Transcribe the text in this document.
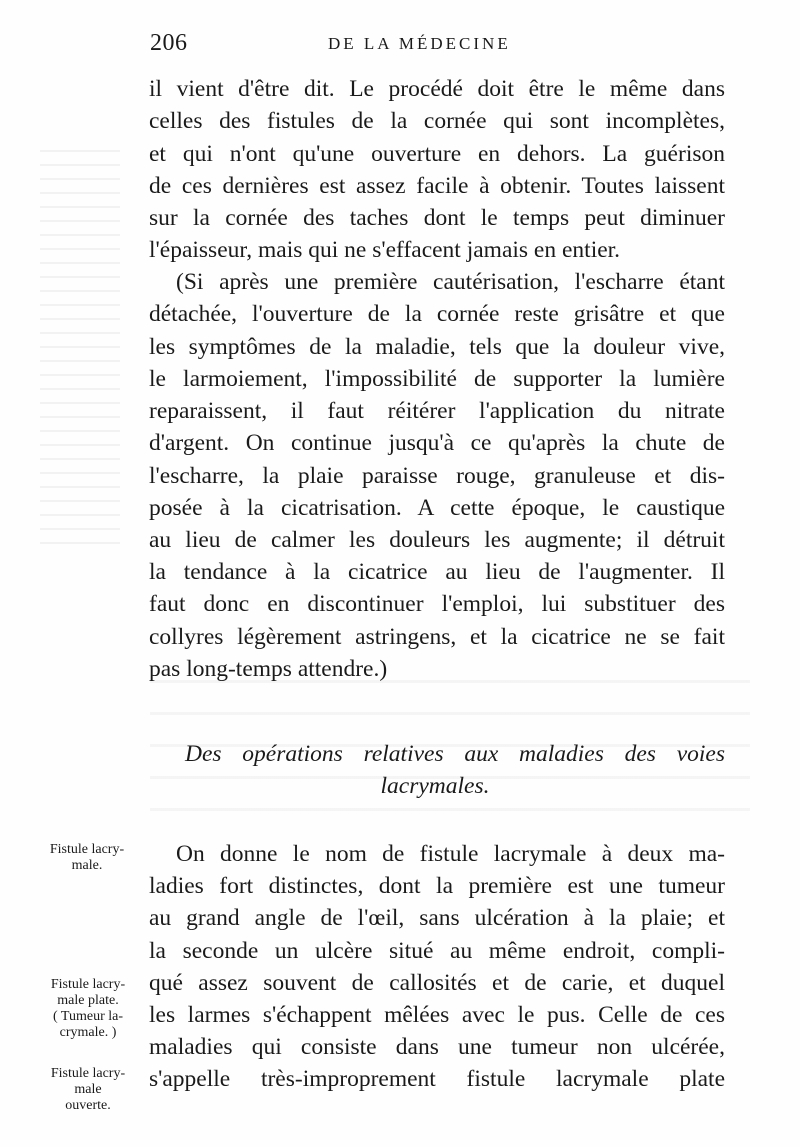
206	DE LA MÉDECINE
il vient d'être dit. Le procédé doit être le même dans
celles des fistules de la cornée qui sont incomplètes,
et qui n'ont qu'une ouverture en dehors. La guérison
de ces dernières est assez facile à obtenir. Toutes laissent
sur la cornée des taches dont le temps peut diminuer
l'épaisseur, mais qui ne s'effacent jamais en entier.
(Si après une première cautérisation, l'escharre étant
détachée, l'ouverture de la cornée reste grisâtre et que
les symptômes de la maladie, tels que la douleur vive,
le larmoiement, l'impossibilité de supporter la lumière
reparaissent, il faut réitérer l'application du nitrate
d'argent. On continue jusqu'à ce qu'après la chute de
l'escharre, la plaie paraisse rouge, granuleuse et dis-
posée à la cicatrisation. A cette époque, le caustique
au lieu de calmer les douleurs les augmente; il détruit
la tendance à la cicatrice au lieu de l'augmenter. Il
faut donc en discontinuer l'emploi, lui substituer des
collyres légèrement astringens, et la cicatrice ne se fait
pas long-temps attendre.)
Des opérations relatives aux maladies des voies
lacrymales.
On donne le nom de fistule lacrymale à deux ma-
ladies fort distinctes, dont la première est une tumeur
au grand angle de l'œil, sans ulcération à la plaie; et
la seconde un ulcère situé au même endroit, compli-
qué assez souvent de callosités et de carie, et duquel
les larmes s'échappent mêlées avec le pus. Celle de ces
maladies qui consiste dans une tumeur non ulcérée,
s'appelle très-improprement fistule lacrymale plate
Fistule lacry-
male.
Fistule lacry-
male plate.
( Tumeur la-
crymale. )
Fistule lacry-
male
ouverte.
